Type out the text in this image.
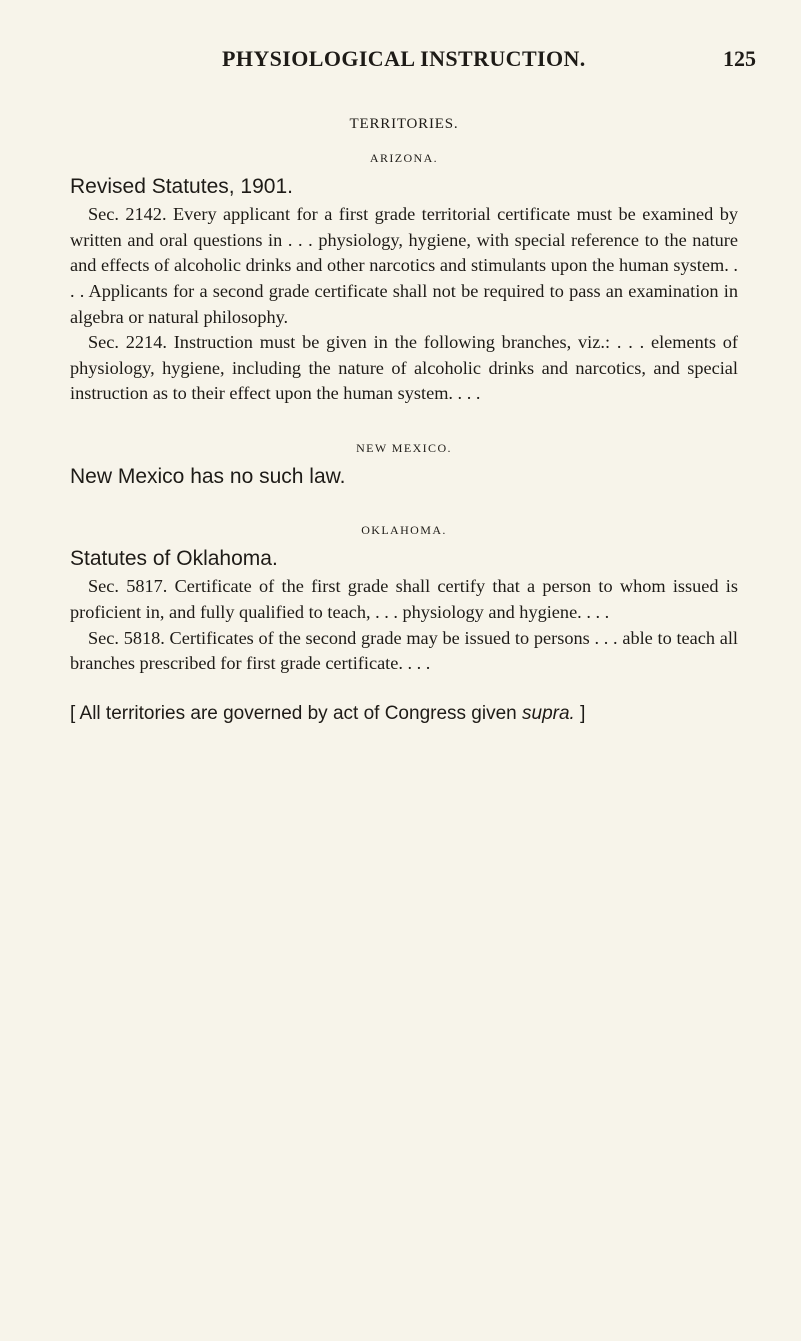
PHYSIOLOGICAL INSTRUCTION.	125
TERRITORIES.
ARIZONA.
Revised Statutes, 1901.

Sec. 2142. Every applicant for a first grade territorial certificate must be examined by written and oral questions in . . . physiology, hygiene, with special reference to the nature and effects of alcoholic drinks and other narcotics and stimulants upon the human system. . . . Applicants for a second grade certificate shall not be required to pass an examination in algebra or natural philosophy.

Sec. 2214. Instruction must be given in the following branches, viz.: . . . elements of physiology, hygiene, including the nature of alcoholic drinks and narcotics, and special instruction as to their effect upon the human system. . . .

NEW MEXICO.
New Mexico has no such law.
OKLAHOMA.
Statutes of Oklahoma.

Sec. 5817. Certificate of the first grade shall certify that a person to whom issued is proficient in, and fully qualified to teach, . . . physiology and hygiene. . . .

Sec. 5818. Certificates of the second grade may be issued to persons . . . able to teach all branches prescribed for first grade certificate. . . .

[ All territories are governed by act of Congress given supra. ]
